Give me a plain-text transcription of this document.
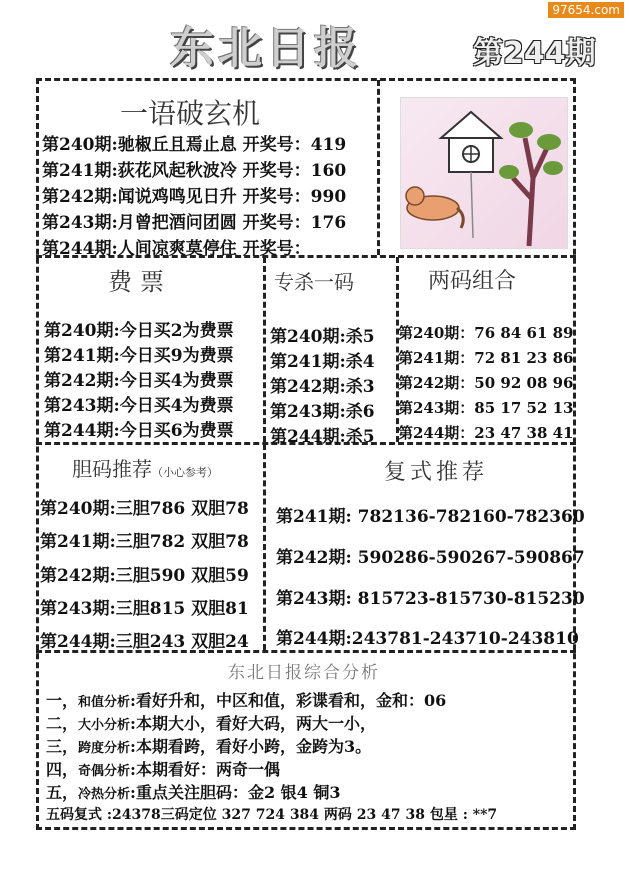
97654.com
东北日报	第244期
一语破玄机
第240期:驰椒丘且焉止息 开奖号：419
第241期:荻花风起秋波冷 开奖号：160
第242期:闻说鸡鸣见日升 开奖号：990
第243期:月曾把酒问团圆 开奖号：176
第244期:人间凉爽莫停住 开奖号：
费票
第240期:今日买2为费票
第241期:今日买9为费票
第242期:今日买4为费票
第243期:今日买4为费票
第244期:今日买6为费票
专杀一码
第240期:杀5
第241期:杀4
第242期:杀3
第243期:杀6
第244期:杀5
两码组合
第240期：76 84 61 89
第241期：72 81 23 86
第242期：50 92 08 96
第243期：85 17 52 13
第244期：23 47 38 41
胆码推荐（小心参考）
第240期:三胆786 双胆78
第241期:三胆782 双胆78
第242期:三胆590 双胆59
第243期:三胆815 双胆81
第244期:三胆243 双胆24
复式推荐
第241期: 782136-782160-782360
第242期: 590286-590267-590867
第243期: 815723-815730-815230
第244期:243781-243710-243810
东北日报综合分析
一，和值分析:看好升和，中区和值，彩谍看和，金和：06
二，大小分析:本期大小，看好大码，两大一小，
三，跨度分析:本期看跨，看好小跨，金跨为3。
四，奇偶分析:本期看好：两奇一偶
五，冷热分析:重点关注胆码：金2 银4 铜3
五码复式 :24378三码定位 327 724 384 两码 23 47 38 包星 : **7
